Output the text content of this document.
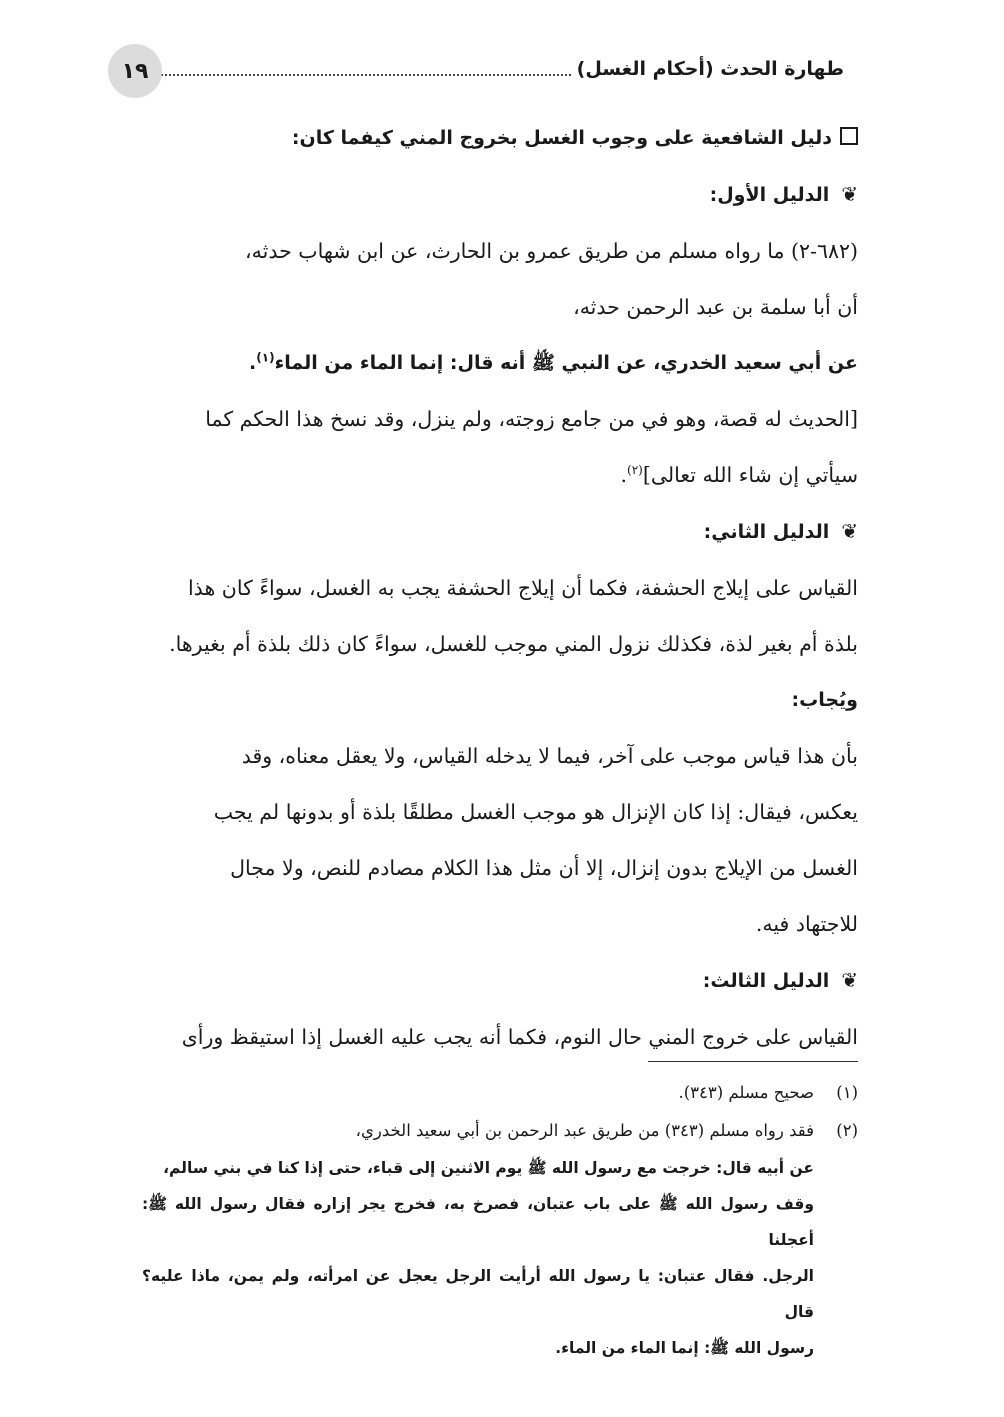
طهارة الحدث (أحكام الغسل)
١٩
دليل الشافعية على وجوب الغسل بخروج المني كيفما كان:
❦الدليل الأول:
(٦٨٢-٢) ما رواه مسلم من طريق عمرو بن الحارث، عن ابن شهاب حدثه،
أن أبا سلمة بن عبد الرحمن حدثه،
عن أبي سعيد الخدري، عن النبي ﷺ أنه قال: إنما الماء من الماء$^{(١)}$.
[الحديث له قصة، وهو في من جامع زوجته، ولم ينزل، وقد نسخ هذا الحكم كما
سيأتي إن شاء الله تعالى]$^{(٢)}$.
❦الدليل الثاني:
القياس على إيلاج الحشفة، فكما أن إيلاج الحشفة يجب به الغسل، سواءً كان هذا
بلذة أم بغير لذة، فكذلك نزول المني موجب للغسل، سواءً كان ذلك بلذة أم بغيرها.
ويُجاب:
بأن هذا قياس موجب على آخر، فيما لا يدخله القياس، ولا يعقل معناه، وقد
يعكس، فيقال: إذا كان الإنزال هو موجب الغسل مطلقًا بلذة أو بدونها لم يجب
الغسل من الإيلاج بدون إنزال، إلا أن مثل هذا الكلام مصادم للنص، ولا مجال
للاجتهاد فيه.
❦الدليل الثالث:
القياس على خروج المني حال النوم، فكما أنه يجب عليه الغسل إذا استيقظ ورأى
(١)
صحيح مسلم (٣٤٣).
(٢)
فقد رواه مسلم (٣٤٣) من طريق عبد الرحمن بن أبي سعيد الخدري،
عن أبيه قال: خرجت مع رسول الله ﷺ يوم الاثنين إلى قباء، حتى إذا كنا في بني سالم،
وقف رسول الله ﷺ على باب عتبان، فصرخ به، فخرج يجر إزاره فقال رسول الله ﷺ: أعجلنا
الرجل. فقال عتبان: يا رسول الله أرأيت الرجل يعجل عن امرأته، ولم يمن، ماذا عليه؟ قال
رسول الله ﷺ: إنما الماء من الماء.
